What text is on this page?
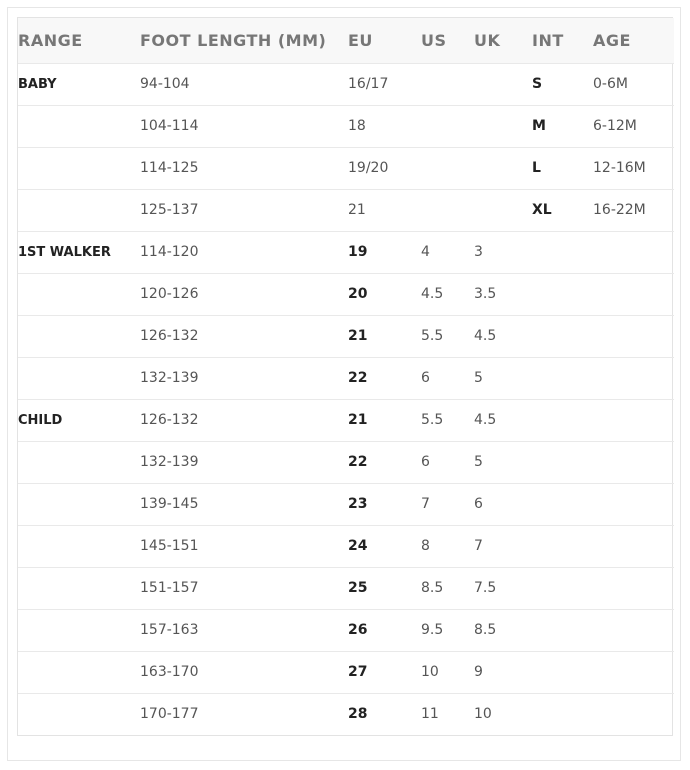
RANGE	FOOT LENGTH (MM)	EU	US	UK	INT	AGE
BABY	94-104	16/17			S	0-6M
	104-114	18			M	6-12M
	114-125	19/20			L	12-16M
	125-137	21			XL	16-22M
1ST WALKER	114-120	19	4	3		
	120-126	20	4.5	3.5		
	126-132	21	5.5	4.5		
	132-139	22	6	5		
CHILD	126-132	21	5.5	4.5		
	132-139	22	6	5		
	139-145	23	7	6		
	145-151	24	8	7		
	151-157	25	8.5	7.5		
	157-163	26	9.5	8.5		
	163-170	27	10	9		
	170-177	28	11	10		
